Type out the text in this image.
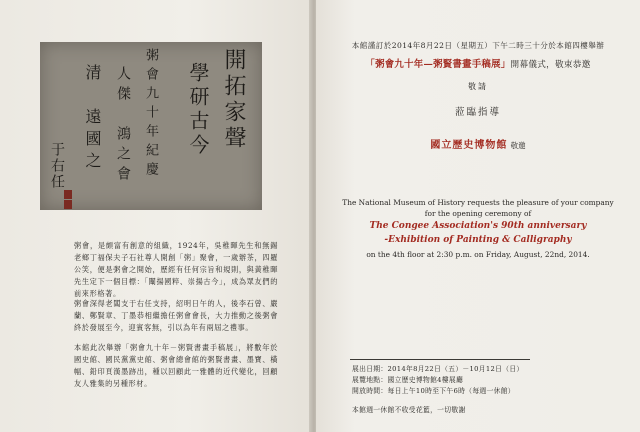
開拓家聲
學研古今
粥會九十年紀慶
人傑　鴻之會
清　遠國之
于右任
粥會，是頗富有創意的組織，1924年，吳稚暉先生和無錫老鄉丁福保夫子石社尊人開創「粥」聚會，一歲辦茶，四羅公笑，便是粥會之開始，歷經有任何宗旨和規則，與黃稚暉先生定下一個目標：「闡揚國粹、崇揚古今」，成為眾友們的前來形格著。
粥會深得老闆支于右任支持，紹明日午的人，後李石曾、嚴蘭、鄭賢章、丁墨恭相繼擔任粥會會長，大力推動之後粥會終於發展至今，迎賓客無，引以為年有兩屆之禮事。
本館此次舉辦「粥會九十年－粥賢書畫手稿展」，將數年於國史館、國民黨黨史館、粥會總會館的粥賢書畫、墨寶、橫幅、鉛印頁漢墨跡出，種以回顧此一雅體的近代變化，回顧友人雅集的另種形材。
本館謹訂於2014年8月22日（星期五）下午二時三十分於本館四樓舉辦
「粥會九十年—粥賢書畫手稿展」開幕儀式，敬束恭邀
敬請
蒞臨指導
國立歷史博物館 敬邀
The National Museum of History requests the pleasure of your company
for the opening ceremony of
The Congee Association's 90th anniversary
-Exhibition of Painting & Calligraphy
on the 4th floor at 2:30 p.m. on Friday, August, 22nd, 2014.
展出日期：2014年8月22日（五）－10月12日（日）
展覽地點：國立歷史博物館4樓展廳
開放時間：每日上午10時至下午6時（每週一休館）
本館週一休館不收受花籃，一切敬謝
